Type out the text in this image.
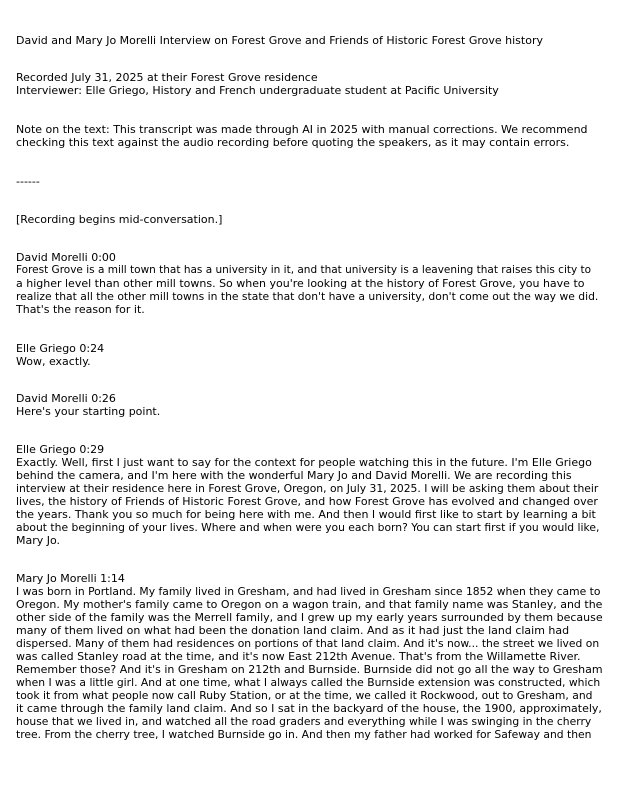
David and Mary Jo Morelli Interview on Forest Grove and Friends of Historic Forest Grove history
Recorded July 31, 2025 at their Forest Grove residence
Interviewer: Elle Griego, History and French undergraduate student at Pacific University
Note on the text: This transcript was made through AI in 2025 with manual corrections. We recommend
checking this text against the audio recording before quoting the speakers, as it may contain errors.
------
[Recording begins mid-conversation.]
David Morelli 0:00
Forest Grove is a mill town that has a university in it, and that university is a leavening that raises this city to
a higher level than other mill towns. So when you're looking at the history of Forest Grove, you have to
realize that all the other mill towns in the state that don't have a university, don't come out the way we did.
That's the reason for it.
Elle Griego 0:24
Wow, exactly.
David Morelli 0:26
Here's your starting point.
Elle Griego 0:29
Exactly. Well, first I just want to say for the context for people watching this in the future. I'm Elle Griego
behind the camera, and I'm here with the wonderful Mary Jo and David Morelli. We are recording this
interview at their residence here in Forest Grove, Oregon, on July 31, 2025. I will be asking them about their
lives, the history of Friends of Historic Forest Grove, and how Forest Grove has evolved and changed over
the years. Thank you so much for being here with me. And then I would first like to start by learning a bit
about the beginning of your lives. Where and when were you each born? You can start first if you would like,
Mary Jo.
Mary Jo Morelli 1:14
I was born in Portland. My family lived in Gresham, and had lived in Gresham since 1852 when they came to
Oregon. My mother's family came to Oregon on a wagon train, and that family name was Stanley, and the
other side of the family was the Merrell family, and I grew up my early years surrounded by them because
many of them lived on what had been the donation land claim. And as it had just the land claim had
dispersed. Many of them had residences on portions of that land claim. And it's now... the street we lived on
was called Stanley road at the time, and it's now East 212th Avenue. That's from the Willamette River.
Remember those? And it's in Gresham on 212th and Burnside. Burnside did not go all the way to Gresham
when I was a little girl. And at one time, what I always called the Burnside extension was constructed, which
took it from what people now call Ruby Station, or at the time, we called it Rockwood, out to Gresham, and
it came through the family land claim. And so I sat in the backyard of the house, the 1900, approximately,
house that we lived in, and watched all the road graders and everything while I was swinging in the cherry
tree. From the cherry tree, I watched Burnside go in. And then my father had worked for Safeway and then
